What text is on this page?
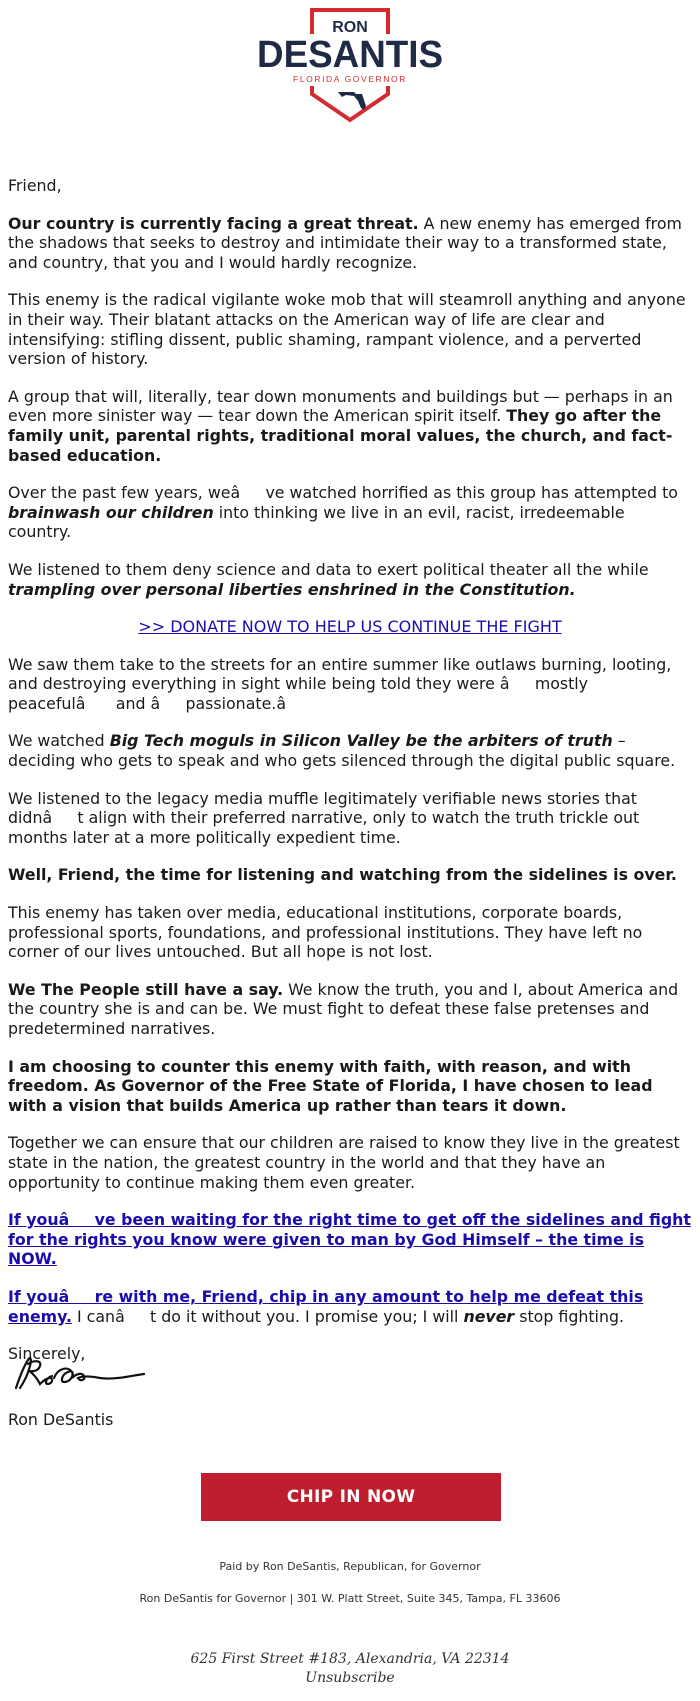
RON
DESANTIS
FLORIDA GOVERNOR

Friend,

Our country is currently facing a great threat. A new enemy has emerged from the shadows that seeks to destroy and intimidate their way to a transformed state, and country, that you and I would hardly recognize.

This enemy is the radical vigilante woke mob that will steamroll anything and anyone in their way. Their blatant attacks on the American way of life are clear and intensifying: stifling dissent, public shaming, rampant violence, and a perverted version of history.

A group that will, literally, tear down monuments and buildings but — perhaps in an even more sinister way — tear down the American spirit itself. They go after the family unit, parental rights, traditional moral values, the church, and fact-based education.

Over the past few years, weâve watched horrified as this group has attempted to brainwash our children into thinking we live in an evil, racist, irredeemable country.

We listened to them deny science and data to exert political theater all the while trampling over personal liberties enshrined in the Constitution.

>> DONATE NOW TO HELP US CONTINUE THE FIGHT

We saw them take to the streets for an entire summer like outlaws burning, looting, and destroying everything in sight while being told they were âmostly peacefulâ and âpassionate.â

We watched Big Tech moguls in Silicon Valley be the arbiters of truth – deciding who gets to speak and who gets silenced through the digital public square.

We listened to the legacy media muffle legitimately verifiable news stories that didnât align with their preferred narrative, only to watch the truth trickle out months later at a more politically expedient time.

Well, Friend, the time for listening and watching from the sidelines is over.

This enemy has taken over media, educational institutions, corporate boards, professional sports, foundations, and professional institutions. They have left no corner of our lives untouched. But all hope is not lost.

We The People still have a say. We know the truth, you and I, about America and the country she is and can be. We must fight to defeat these false pretenses and predetermined narratives.

I am choosing to counter this enemy with faith, with reason, and with freedom. As Governor of the Free State of Florida, I have chosen to lead with a vision that builds America up rather than tears it down.

Together we can ensure that our children are raised to know they live in the greatest state in the nation, the greatest country in the world and that they have an opportunity to continue making them even greater.

If youâve been waiting for the right time to get off the sidelines and fight for the rights you know were given to man by God Himself – the time is NOW.

If youâre with me, Friend, chip in any amount to help me defeat this enemy. I canât do it without you. I promise you; I will never stop fighting.

Sincerely,

Ron DeSantis
CHIP IN NOW
Paid by Ron DeSantis, Republican, for Governor
Ron DeSantis for Governor | 301 W. Platt Street, Suite 345, Tampa, FL 33606
625 First Street #183, Alexandria, VA 22314
Unsubscribe
